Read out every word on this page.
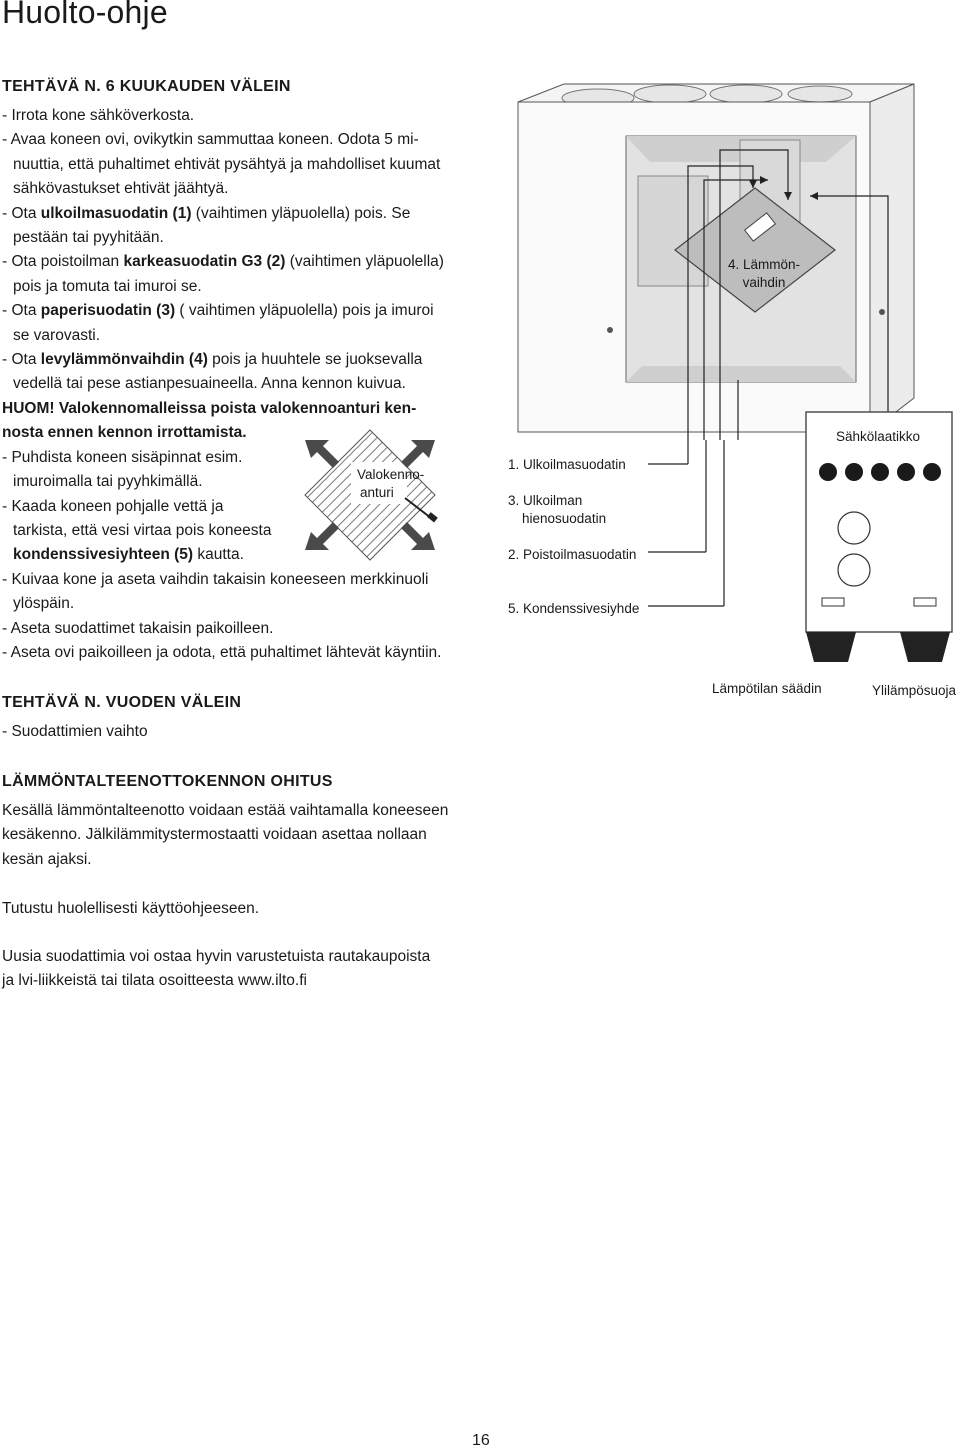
Huolto-ohje
TEHTÄVÄ N. 6 KUUKAUDEN VÄLEIN
- Irrota kone sähköverkosta.
- Avaa koneen ovi, ovikytkin sammuttaa koneen. Odota 5 mi-
nuuttia, että puhaltimet ehtivät pysähtyä ja mahdolliset kuumat
sähkövastukset ehtivät jäähtyä.
- Ota ulkoilmasuodatin (1) (vaihtimen yläpuolella) pois. Se
pestään tai pyyhitään.
- Ota poistoilman karkeasuodatin G3 (2) (vaihtimen yläpuolella)
pois ja tomuta tai imuroi se.
- Ota paperisuodatin (3) ( vaihtimen yläpuolella) pois ja imuroi
se varovasti.
- Ota levylämmönvaihdin (4) pois ja huuhtele se juoksevalla
vedellä tai pese astianpesuaineella. Anna kennon kuivua.
HUOM! Valokennomalleissa poista valokennoanturi ken-
nosta ennen kennon irrottamista.
- Puhdista koneen sisäpinnat esim.
imuroimalla tai pyyhkimällä.
- Kaada koneen pohjalle vettä ja
tarkista, että vesi virtaa pois koneesta
kondenssivesiyhteen (5) kautta.
- Kuivaa kone ja aseta vaihdin takaisin koneeseen merkkinuoli
ylöspäin.
- Aseta suodattimet takaisin paikoilleen.
- Aseta ovi paikoilleen ja odota, että puhaltimet lähtevät käyntiin.
Valokenno-
anturi
4. Lämmön-
vaihdin
1. Ulkoilmasuodatin
3. Ulkoilman
hienosuodatin
2. Poistoilmasuodatin
5. Kondenssivesiyhde
Sähkölaatikko
Lämpötilan säädin	Ylilämpösuoja
TEHTÄVÄ N. VUODEN VÄLEIN
- Suodattimien vaihto
LÄMMÖNTALTEENOTTOKENNON OHITUS
Kesällä lämmöntalteenotto voidaan estää vaihtamalla koneeseen
kesäkenno. Jälkilämmitystermostaatti voidaan asettaa nollaan
kesän ajaksi.
Tutustu huolellisesti käyttöohjeeseen.
Uusia suodattimia voi ostaa hyvin varustetuista rautakaupoista
ja lvi-liikkeistä tai tilata osoitteesta www.ilto.fi
16
